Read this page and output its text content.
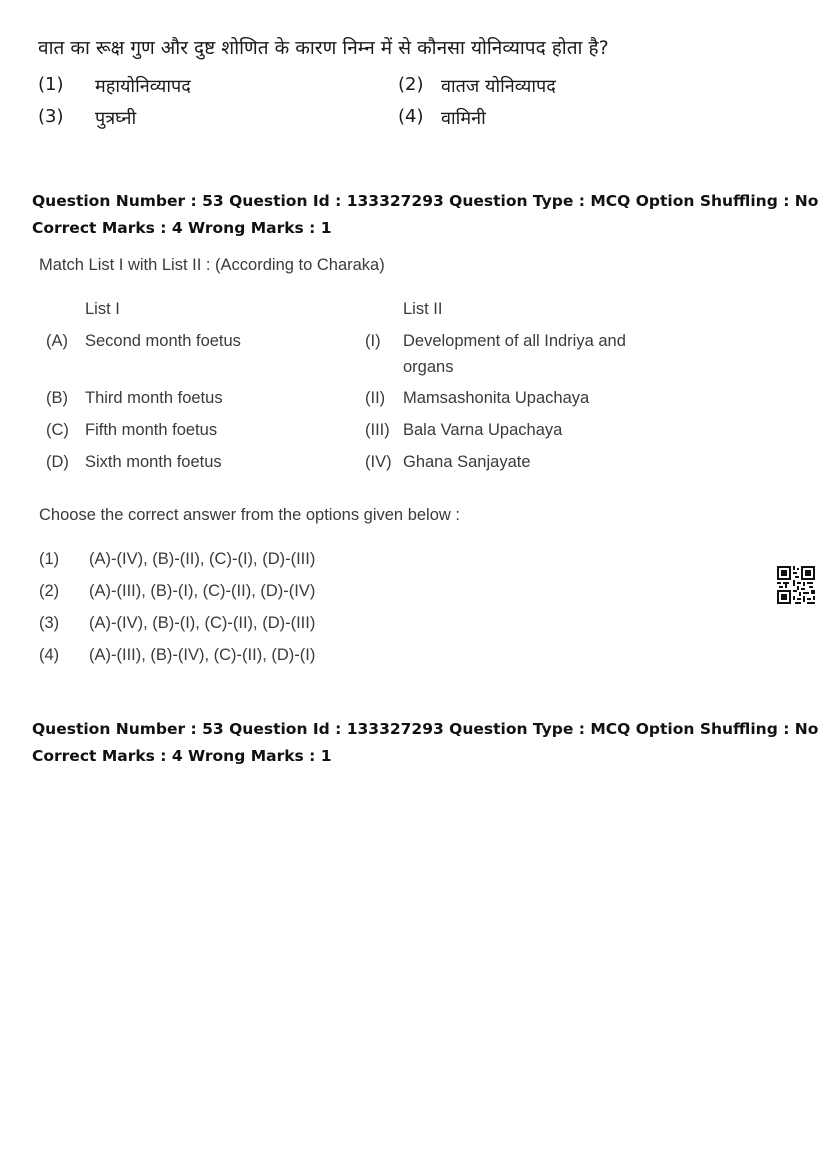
वात का रूक्ष गुण और दुष्ट शोणित के कारण निम्न में से कौनसा योनिव्यापद होता है?
(1) महायोनिव्यापद	(2) वातज योनिव्यापद
(3) पुत्रघ्नी	(4) वामिनी
Question Number : 53 Question Id : 133327293 Question Type : MCQ Option Shuffling : No
Correct Marks : 4 Wrong Marks : 1
Match List I with List II : (According to Charaka)
List I	List II
(A) Second month foetus	(I) Development of all Indriya and
organs
(B) Third month foetus	(II) Mamsashonita Upachaya
(C) Fifth month foetus	(III) Bala Varna Upachaya
(D) Sixth month foetus	(IV) Ghana Sanjayate
Choose the correct answer from the options given below :
(1) (A)-(IV), (B)-(II), (C)-(I), (D)-(III)
(2) (A)-(III), (B)-(I), (C)-(II), (D)-(IV)
(3) (A)-(IV), (B)-(I), (C)-(II), (D)-(III)
(4) (A)-(III), (B)-(IV), (C)-(II), (D)-(I)
Question Number : 53 Question Id : 133327293 Question Type : MCQ Option Shuffling : No
Correct Marks : 4 Wrong Marks : 1
